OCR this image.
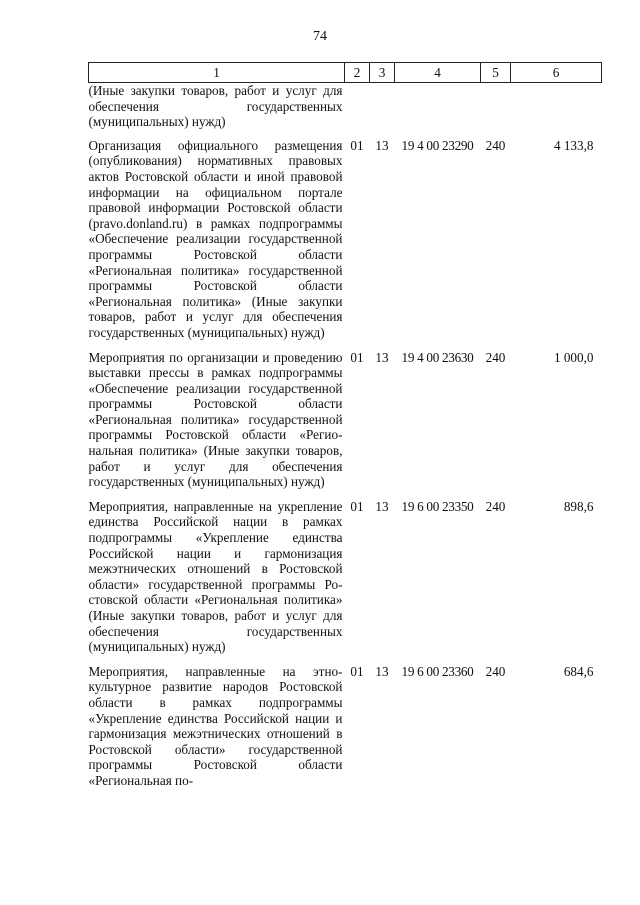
74
1	2	3	4	5	6
(Иные закупки товаров, работ и услуг для обеспечения государственных (муниципальных) нужд)					
Организация официального размещения (опубликования) нормативных правовых актов Ростовской области и иной правовой информации на официальном портале правовой информации Ростовской области (pravo.donland.ru) в рамках подпрограммы «Обеспечение реализации государственной программы Ростовской области «Региональная политика» государственной программы Ростовской области «Региональная политика» (Иные закупки товаров, работ и услуг для обеспечения государственных (муниципальных) нужд)	01	13	19 4 00 23290	240	4 133,8
Мероприятия по организации и проведению выставки прессы в рамках подпрограммы «Обеспечение реализации государственной программы Ростовской области «Региональная политика» государственной программы Ростовской области «Региональная политика» (Иные закупки товаров, работ и услуг для обеспечения государственных (муниципальных) нужд)	01	13	19 4 00 23630	240	1 000,0
Мероприятия, направленные на укрепление единства Российской нации в рамках подпрограммы «Укрепление единства Российской нации и гармонизация межэтнических отношений в Ростовской области» государственной программы Ростовской области «Региональная политика» (Иные закупки товаров, работ и услуг для обеспечения государственных (муниципальных) нужд)	01	13	19 6 00 23350	240	898,6
Мероприятия, направленные на этнокультурное развитие народов Ростовской области в рамках подпрограммы «Укрепление единства Российской нации и гармонизация межэтнических отношений в Ростовской области» государственной программы Ростовской области «Региональная по-	01	13	19 6 00 23360	240	684,6
